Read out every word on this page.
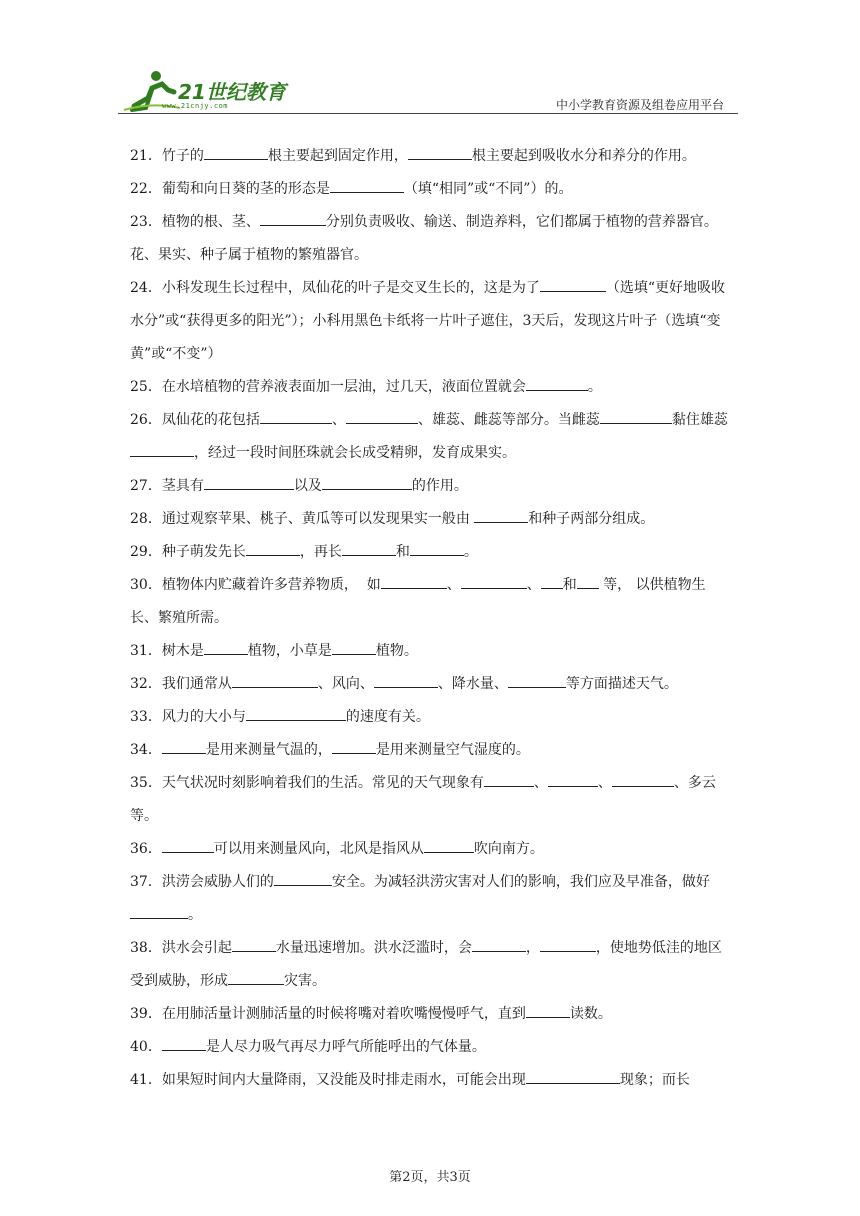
21世纪教育
www.21cnjy.com	中小学教育资源及组卷应用平台

21．竹子的	根主要起到固定作用，	根主要起到吸收水分和养分的作用。

22．葡萄和向日葵的茎的形态是	（填“相同”或“不同”）的。

23．植物的根、茎、	分别负责吸收、输送、制造养料，它们都属于植物的营养器官。花、果实、种子属于植物的繁殖器官。

24．小科发现生长过程中，凤仙花的叶子是交叉生长的，这是为了	（选填“更好地吸收水分”或“获得更多的阳光”）；小科用黑色卡纸将一片叶子遮住，3天后，发现这片叶子（选填“变黄”或“不变”）

25．在水培植物的营养液表面加一层油，过几天，液面位置就会	。

26．凤仙花的花包括	、	、雄蕊、雌蕊等部分。当雌蕊	黏住雄蕊，经过一段时间胚珠就会长成受精卵，发育成果实。

27．茎具有	以及	的作用。

28．通过观察苹果、桃子、黄瓜等可以发现果实一般由	和种子两部分组成。

29．种子萌发先长	，再长	和	。

30．植物体内贮藏着许多营养物质，  如	、	、 和 等， 以供植物生长、繁殖所需。

31．树木是	植物，小草是	植物。

32．我们通常从	、风向、	、降水量、	等方面描述天气。

33．风力的大小与	的速度有关。

34．	是用来测量气温的，	是用来测量空气湿度的。

35．天气状况时刻影响着我们的生活。常见的天气现象有	、	、	、多云等。

36．	可以用来测量风向，北风是指风从	吹向南方。

37．洪涝会威胁人们的	安全。为减轻洪涝灾害对人们的影响，我们应及早准备，做好。

38．洪水会引起	水量迅速增加。洪水泛滥时，会	，	，使地势低洼的地区受到威胁，形成	灾害。

39．在用肺活量计测肺活量的时候将嘴对着吹嘴慢慢呼气，直到	读数。

40．	是人尽力吸气再尽力呼气所能呼出的气体量。

41．如果短时间内大量降雨，又没能及时排走雨水，可能会出现	现象；而长

第2页，共3页
